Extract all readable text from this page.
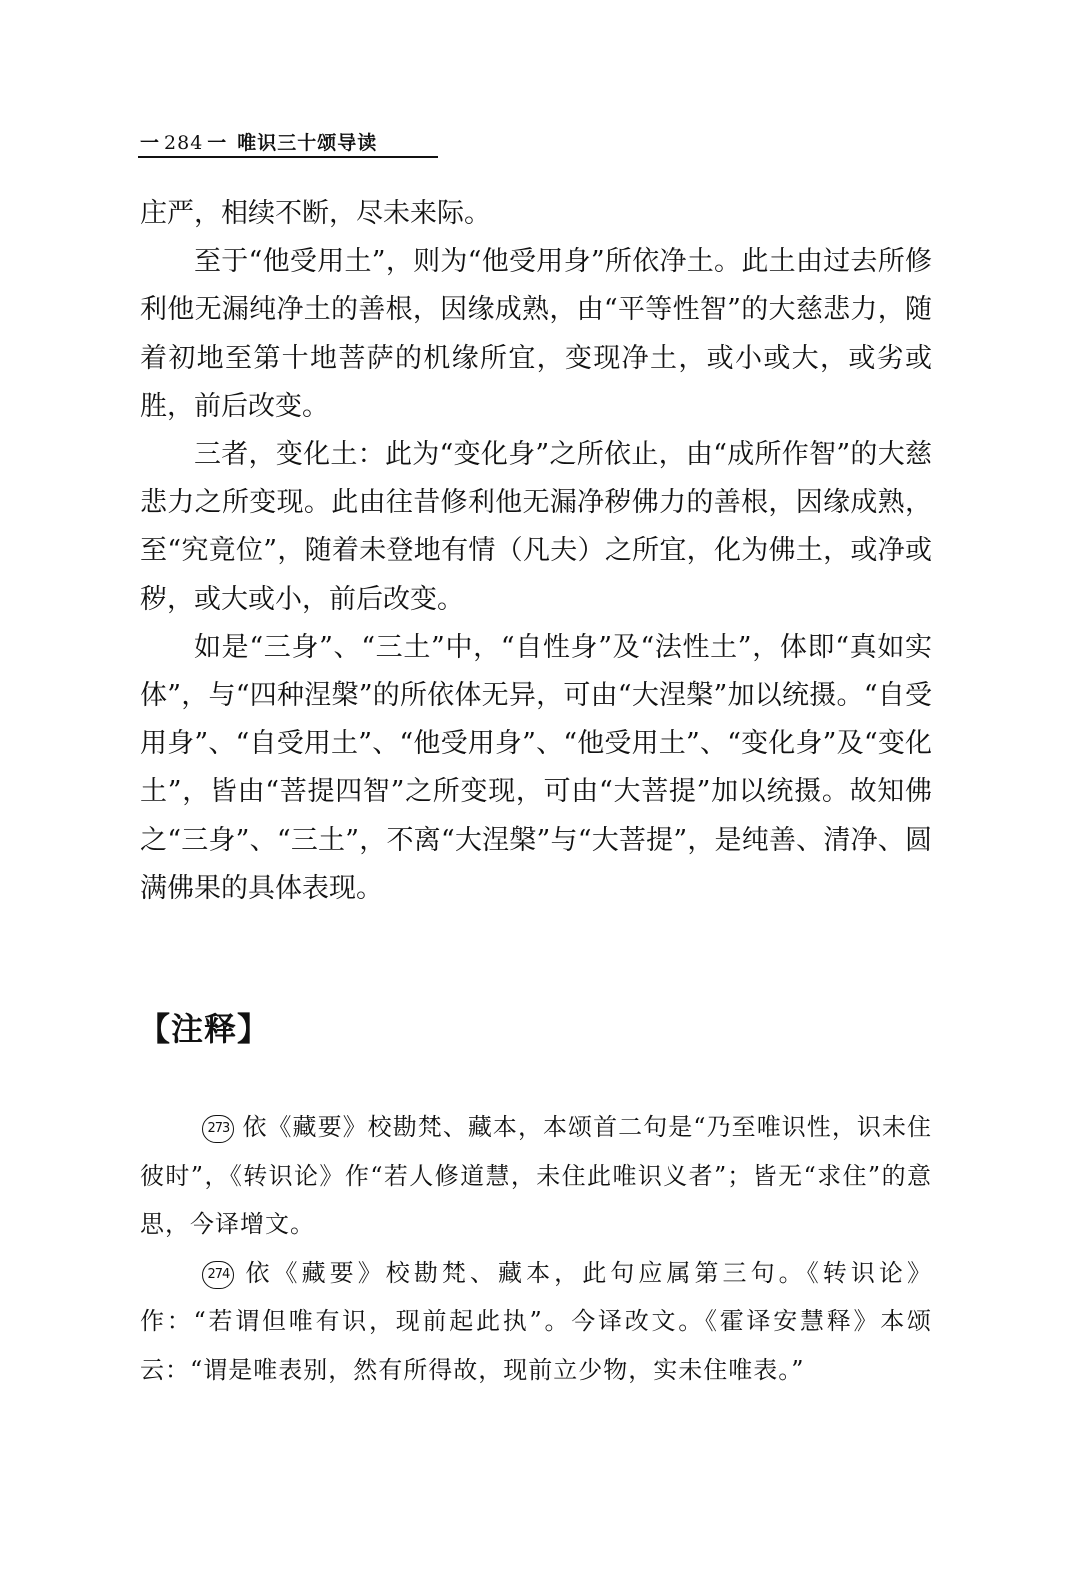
一 284 一 唯识三十颂导读

庄严，相续不断，尽未来际。

至于“他受用土”，则为“他受用身”所依净土。此土由过去所修利他无漏纯净土的善根，因缘成熟，由“平等性智”的大慈悲力，随着初地至第十地菩萨的机缘所宜，变现净土，或小或大，或劣或胜，前后改变。

三者，变化土：此为“变化身”之所依止，由“成所作智”的大慈悲力之所变现。此由往昔修利他无漏净秽佛力的善根，因缘成熟，至“究竟位”，随着未登地有情（凡夫）之所宜，化为佛土，或净或秽，或大或小，前后改变。

如是“三身”、“三土”中，“自性身”及“法性土”，体即“真如实体”，与“四种涅槃”的所依体无异，可由“大涅槃”加以统摄。“自受用身”、“自受用土”、“他受用身”、“他受用土”、“变化身”及“变化土”，皆由“菩提四智”之所变现，可由“大菩提”加以统摄。故知佛之“三身”、“三土”，不离“大涅槃”与“大菩提”，是纯善、清净、圆满佛果的具体表现。

【注释】

273 依《藏要》校勘梵、藏本，本颂首二句是“乃至唯识性，识未住彼时”，《转识论》作“若人修道慧，未住此唯识义者”；皆无“求住”的意思，今译增文。

274 依《藏要》校勘梵、藏本，此句应属第三句。《转识论》作：“若谓但唯有识，现前起此执”。今译改文。《霍译安慧释》本颂云：“谓是唯表别，然有所得故，现前立少物，实未住唯表。”
